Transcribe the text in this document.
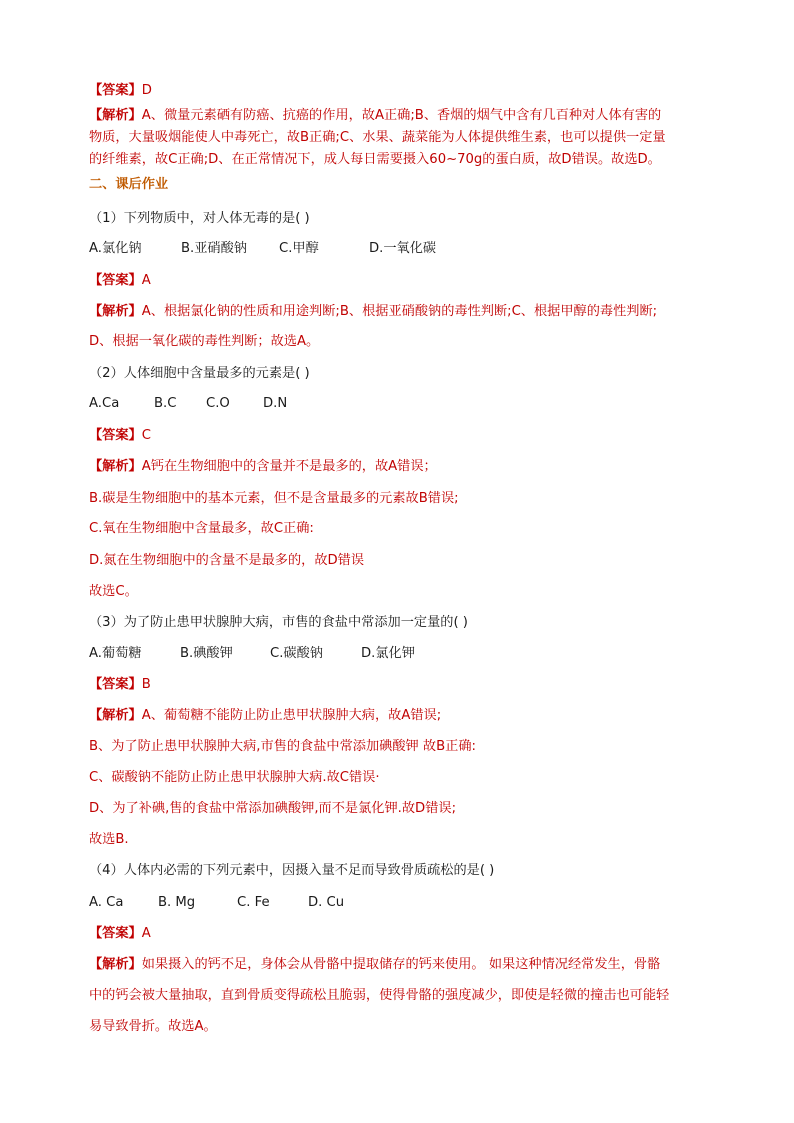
【答案】D
【解析】A、微量元素硒有防癌、抗癌的作用，故A正确;B、香烟的烟气中含有几百种对人体有害的
物质，大量吸烟能使人中毒死亡，故B正确;C、水果、蔬菜能为人体提供维生素，也可以提供一定量
的纤维素，故C正确;D、在正常情况下，成人每日需要摄入60~70g的蛋白质，故D错误。故选D。
二、课后作业
（1）下列物质中，对人体无毒的是( )
A.氯化钠	B.亚硝酸钠 C.甲醇	D.一氧化碳
【答案】A
【解析】A、根据氯化钠的性质和用途判断;B、根据亚硝酸钠的毒性判断;C、根据甲醇的毒性判断;
D、根据一氧化碳的毒性判断；故选A。
（2）人体细胞中含量最多的元素是( )
A.Ca	B.C C.O	D.N
【答案】C
【解析】A钙在生物细胞中的含量并不是最多的，故A错误；
B.碳是生物细胞中的基本元素，但不是含量最多的元素故B错误;
C.氧在生物细胞中含量最多，故C正确:
D.氮在生物细胞中的含量不是最多的，故D错误
故选C。
（3）为了防止患甲状腺肿大病，市售的食盐中常添加一定量的( )
A.葡萄糖	B.碘酸钾	C.碳酸钠	D.氯化钾
【答案】B
【解析】A、葡萄糖不能防止防止患甲状腺肿大病，故A错误;
B、为了防止患甲状腺肿大病,市售的食盐中常添加碘酸钾 故B正确:
C、碳酸钠不能防止防止患甲状腺肿大病.故C错误·
D、为了补碘,售的食盐中常添加碘酸钾,而不是氯化钾.故D错误;
故选B.
（4）人体内必需的下列元素中，因摄入量不足而导致骨质疏松的是( )
A. Ca	B. Mg	C. Fe	D. Cu
【答案】A
【解析】如果摄入的钙不足，身体会从骨骼中提取储存的钙来使用。 如果这种情况经常发生，骨骼
中的钙会被大量抽取，直到骨质变得疏松且脆弱，使得骨骼的强度减少，即使是轻微的撞击也可能轻
易导致骨折。故选A。
